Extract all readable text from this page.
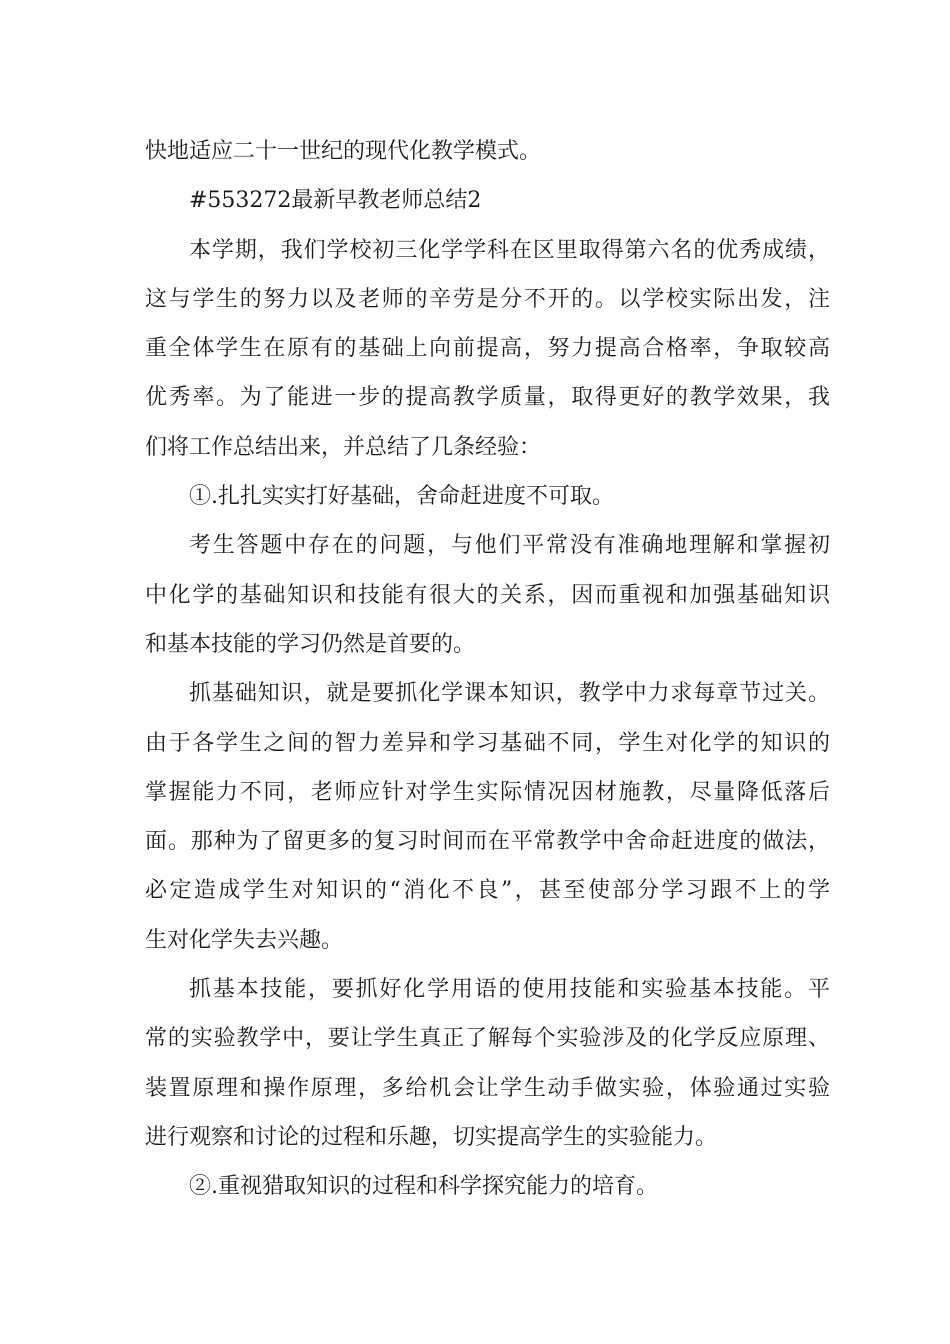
快地适应二十一世纪的现代化教学模式。
#553272最新早教老师总结2
本学期，我们学校初三化学学科在区里取得第六名的优秀成绩，
这与学生的努力以及老师的辛劳是分不开的。以学校实际出发，注
重全体学生在原有的基础上向前提高，努力提高合格率，争取较高
优秀率。为了能进一步的提高教学质量，取得更好的教学效果，我
们将工作总结出来，并总结了几条经验：
①.扎扎实实打好基础，舍命赶进度不可取。
考生答题中存在的问题，与他们平常没有准确地理解和掌握初
中化学的基础知识和技能有很大的关系，因而重视和加强基础知识
和基本技能的学习仍然是首要的。
抓基础知识，就是要抓化学课本知识，教学中力求每章节过关。
由于各学生之间的智力差异和学习基础不同，学生对化学的知识的
掌握能力不同，老师应针对学生实际情况因材施教，尽量降低落后
面。那种为了留更多的复习时间而在平常教学中舍命赶进度的做法，
必定造成学生对知识的“消化不良”，甚至使部分学习跟不上的学
生对化学失去兴趣。
抓基本技能，要抓好化学用语的使用技能和实验基本技能。平
常的实验教学中，要让学生真正了解每个实验涉及的化学反应原理、
装置原理和操作原理，多给机会让学生动手做实验，体验通过实验
进行观察和讨论的过程和乐趣，切实提高学生的实验能力。
②.重视猎取知识的过程和科学探究能力的培育。
